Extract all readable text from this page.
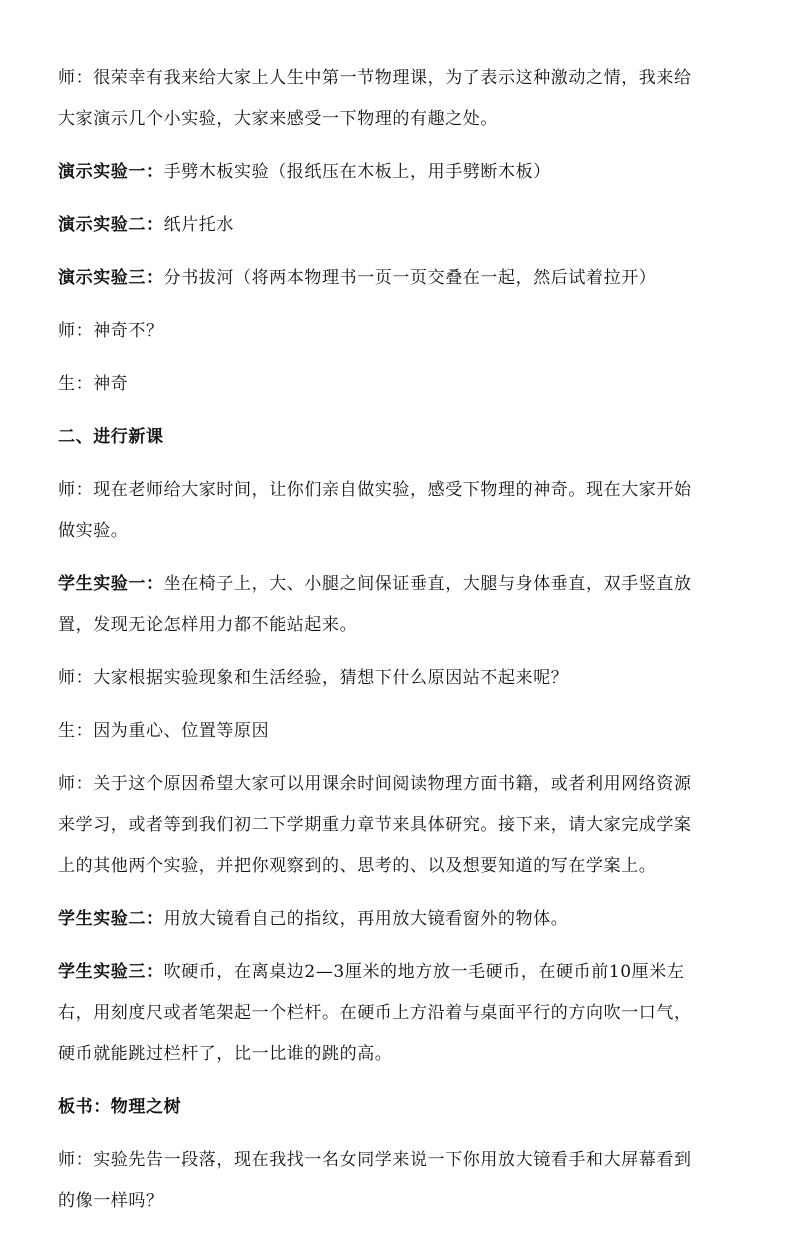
师：很荣幸有我来给大家上人生中第一节物理课，为了表示这种激动之情，我来给
大家演示几个小实验，大家来感受一下物理的有趣之处。

演示实验一：手劈木板实验（报纸压在木板上，用手劈断木板）

演示实验二：纸片托水

演示实验三：分书拔河（将两本物理书一页一页交叠在一起，然后试着拉开）

师：神奇不？

生：神奇

二、进行新课

师：现在老师给大家时间，让你们亲自做实验，感受下物理的神奇。现在大家开始
做实验。

学生实验一：坐在椅子上，大、小腿之间保证垂直，大腿与身体垂直，双手竖直放
置，发现无论怎样用力都不能站起来。

师：大家根据实验现象和生活经验，猜想下什么原因站不起来呢？

生：因为重心、位置等原因

师：关于这个原因希望大家可以用课余时间阅读物理方面书籍，或者利用网络资源
来学习，或者等到我们初二下学期重力章节来具体研究。接下来，请大家完成学案
上的其他两个实验，并把你观察到的、思考的、以及想要知道的写在学案上。

学生实验二：用放大镜看自己的指纹，再用放大镜看窗外的物体。

学生实验三：吹硬币，在离桌边2—3厘米的地方放一毛硬币，在硬币前10厘米左
右，用刻度尺或者笔架起一个栏杆。在硬币上方沿着与桌面平行的方向吹一口气，
硬币就能跳过栏杆了，比一比谁的跳的高。

板书：物理之树

师：实验先告一段落，现在我找一名女同学来说一下你用放大镜看手和大屏幕看到
的像一样吗？
